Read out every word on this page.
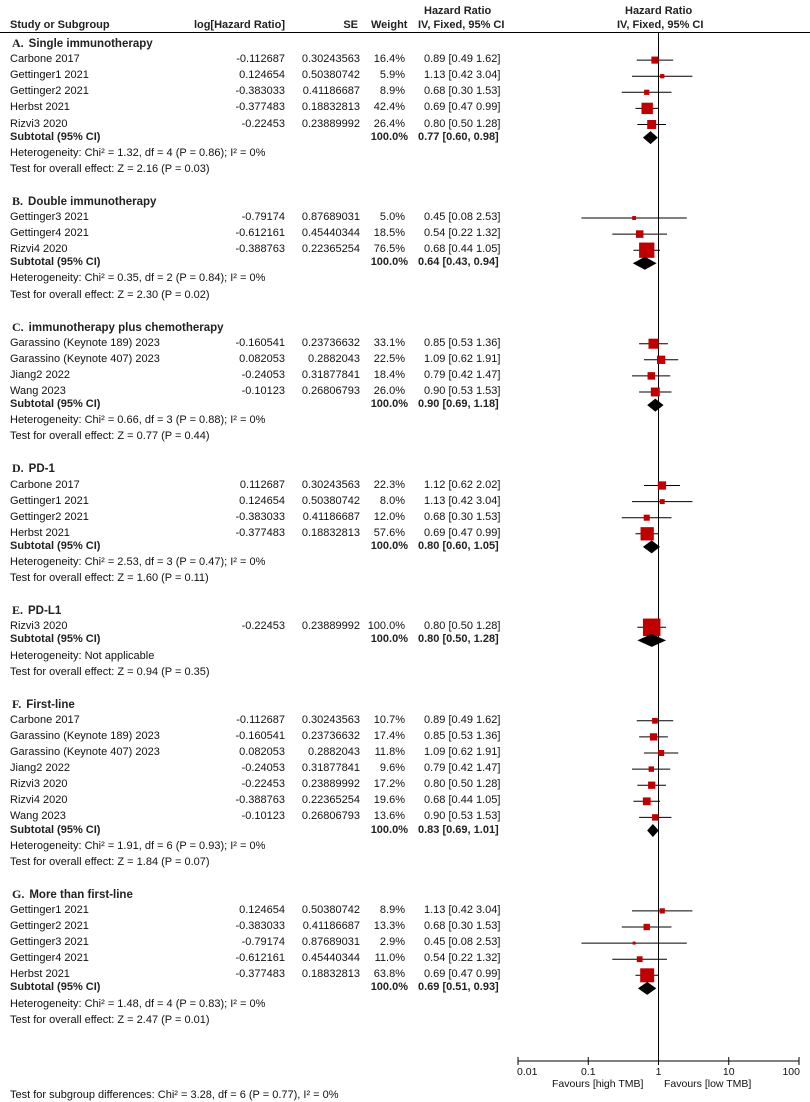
Study or Subgroup	log[Hazard Ratio]	SE Weight
Hazard Ratio
IV, Fixed, 95% CI
Hazard Ratio
IV, Fixed, 95% CI
A. Single immunotherapy
Carbone 2017	-0.112687	0.30243563	16.4% 0.89 [0.49 1.62]
Gettinger1 2021	0.124654	0.50380742	5.9% 1.13 [0.42 3.04]
Gettinger2 2021	-0.383033	0.41186687	8.9% 0.68 [0.30 1.53]
Herbst 2021	-0.377483	0.18832813	42.4% 0.69 [0.47 0.99]
Rizvi3 2020	-0.22453	0.23889992	26.4% 0.80 [0.50 1.28]
Subtotal (95% CI)	100.0% 0.77 [0.60, 0.98]
Heterogeneity: Chi² = 1.32, df = 4 (P = 0.86); I² = 0%
Test for overall effect: Z = 2.16 (P = 0.03)
B. Double immunotherapy
Gettinger3 2021	-0.79174	0.87689031	5.0% 0.45 [0.08 2.53]
Gettinger4 2021	-0.612161	0.45440344	18.5% 0.54 [0.22 1.32]
Rizvi4 2020	-0.388763	0.22365254	76.5% 0.68 [0.44 1.05]
Subtotal (95% CI)	100.0% 0.64 [0.43, 0.94]
Heterogeneity: Chi² = 0.35, df = 2 (P = 0.84); I² = 0%
Test for overall effect: Z = 2.30 (P = 0.02)
C. immunotherapy plus chemotherapy
Garassino (Keynote 189) 2023	-0.160541	0.23736632	33.1% 0.85 [0.53 1.36]
Garassino (Keynote 407) 2023	0.082053	0.2882043	22.5% 1.09 [0.62 1.91]
Jiang2 2022	-0.24053	0.31877841	18.4% 0.79 [0.42 1.47]
Wang 2023	-0.10123	0.26806793	26.0% 0.90 [0.53 1.53]
Subtotal (95% CI)	100.0% 0.90 [0.69, 1.18]
Heterogeneity: Chi² = 0.66, df = 3 (P = 0.88); I² = 0%
Test for overall effect: Z = 0.77 (P = 0.44)
D. PD-1
Carbone 2017	0.112687	0.30243563	22.3% 1.12 [0.62 2.02]
Gettinger1 2021	0.124654	0.50380742	8.0% 1.13 [0.42 3.04]
Gettinger2 2021	-0.383033	0.41186687	12.0% 0.68 [0.30 1.53]
Herbst 2021	-0.377483	0.18832813	57.6% 0.69 [0.47 0.99]
Subtotal (95% CI)	100.0% 0.80 [0.60, 1.05]
Heterogeneity: Chi² = 2.53, df = 3 (P = 0.47); I² = 0%
Test for overall effect: Z = 1.60 (P = 0.11)
E. PD-L1
Rizvi3 2020	-0.22453	0.23889992 100.0% 0.80 [0.50 1.28]
Subtotal (95% CI)	100.0% 0.80 [0.50, 1.28]
Heterogeneity: Not applicable
Test for overall effect: Z = 0.94 (P = 0.35)
F. First-line
Carbone 2017	-0.112687	0.30243563	10.7% 0.89 [0.49 1.62]
Garassino (Keynote 189) 2023	-0.160541	0.23736632	17.4% 0.85 [0.53 1.36]
Garassino (Keynote 407) 2023	0.082053	0.2882043	11.8% 1.09 [0.62 1.91]
Jiang2 2022	-0.24053	0.31877841	9.6% 0.79 [0.42 1.47]
Rizvi3 2020	-0.22453	0.23889992	17.2% 0.80 [0.50 1.28]
Rizvi4 2020	-0.388763	0.22365254	19.6% 0.68 [0.44 1.05]
Wang 2023	-0.10123	0.26806793	13.6% 0.90 [0.53 1.53]
Subtotal (95% CI)	100.0% 0.83 [0.69, 1.01]
Heterogeneity: Chi² = 1.91, df = 6 (P = 0.93); I² = 0%
Test for overall effect: Z = 1.84 (P = 0.07)
G. More than first-line
Gettinger1 2021	0.124654	0.50380742	8.9% 1.13 [0.42 3.04]
Gettinger2 2021	-0.383033	0.41186687	13.3% 0.68 [0.30 1.53]
Gettinger3 2021	-0.79174	0.87689031	2.9% 0.45 [0.08 2.53]
Gettinger4 2021	-0.612161	0.45440344	11.0% 0.54 [0.22 1.32]
Herbst 2021	-0.377483	0.18832813	63.8% 0.69 [0.47 0.99]
Subtotal (95% CI)	100.0% 0.69 [0.51, 0.93]
Heterogeneity: Chi² = 1.48, df = 4 (P = 0.83); I² = 0%
Test for overall effect: Z = 2.47 (P = 0.01)
0.01	0.1	1	10	100
Favours [high TMB] Favours [low TMB]
Test for subgroup differences: Chi² = 3.28, df = 6 (P = 0.77), I² = 0%
